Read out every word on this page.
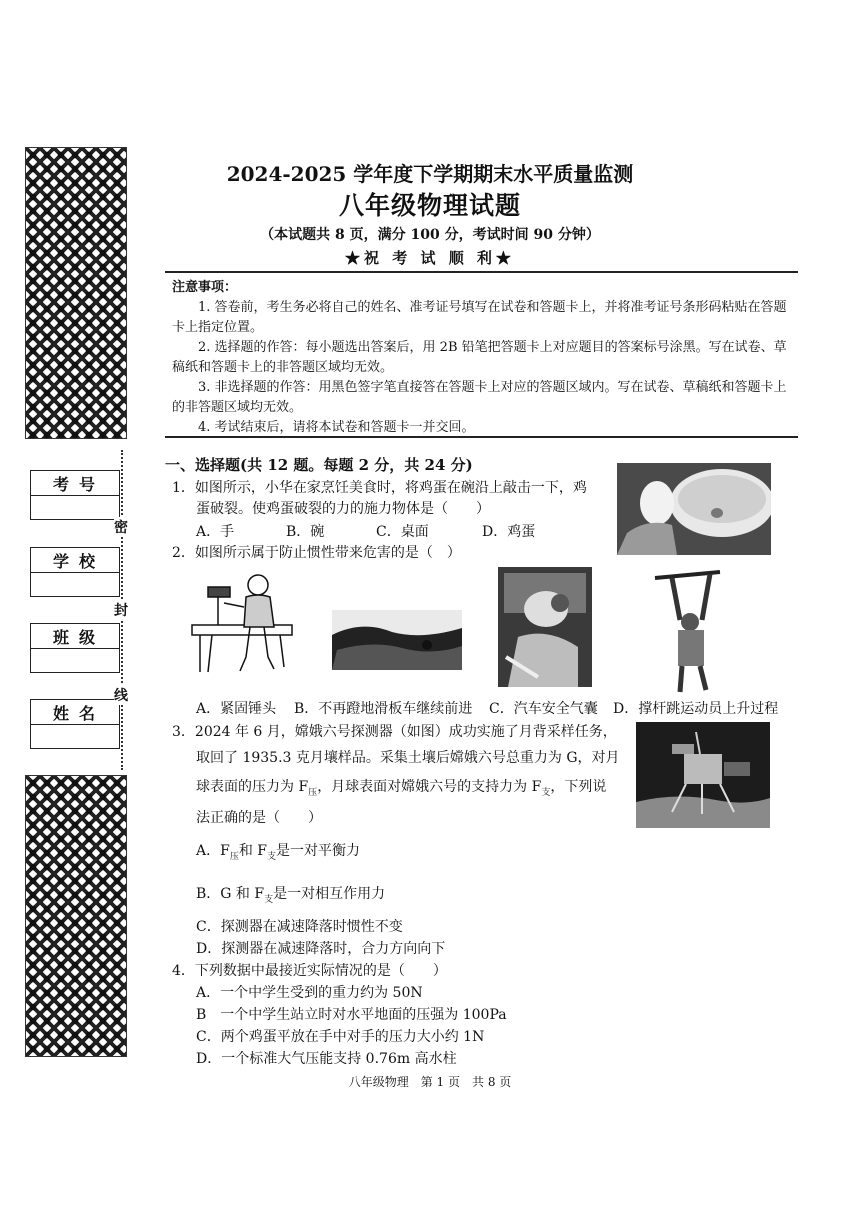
考号
学校
班级
姓名
密
封
线
2024-2025 学年度下学期期末水平质量监测
八年级物理试题
（本试题共 8 页，满分 100 分，考试时间 90 分钟）
★祝 考 试 顺 利★

注意事项：

1. 答卷前，考生务必将自己的姓名、准考证号填写在试卷和答题卡上，并将准考证号条形码粘贴在答题卡上指定位置。

2. 选择题的作答：每小题选出答案后，用 2B 铅笔把答题卡上对应题目的答案标号涂黑。写在试卷、草稿纸和答题卡上的非答题区域均无效。

3. 非选择题的作答：用黑色签字笔直接答在答题卡上对应的答题区域内。写在试卷、草稿纸和答题卡上的非答题区域均无效。

4. 考试结束后，请将本试卷和答题卡一并交回。

一、选择题(共 12 题。每题 2 分，共 24 分)
1．如图所示，小华在家烹饪美食时，将鸡蛋在碗沿上敲击一下，鸡
蛋破裂。使鸡蛋破裂的力的施力物体是（　　）
A．手	B．碗	C．桌面	D．鸡蛋
2．如图所示属于防止惯性带来危害的是（　）
A．紧固锤头 B．不再蹬地滑板车继续前进 C．汽车安全气囊 D．撑杆跳运动员上升过程
3．2024 年 6 月，嫦娥六号探测器（如图）成功实施了月背采样任务，
取回了 1935.3 克月壤样品。采集土壤后嫦娥六号总重力为 G，对月
球表面的压力为 $F_压$，月球表面对嫦娥六号的支持力为 $F_支$，下列说
法正确的是（　　）
A．$F_压$和 $F_支$是一对平衡力
B．G 和 $F_支$是一对相互作用力
C．探测器在减速降落时惯性不变
D．探测器在减速降落时，合力方向向下
4．下列数据中最接近实际情况的是（　　）
A．一个中学生受到的重力约为 50N
B　一个中学生站立时对水平地面的压强为 100Pa
C．两个鸡蛋平放在手中对手的压力大小约 1N
D．一个标准大气压能支持 0.76m 高水柱
八年级物理　第 1 页　共 8 页
